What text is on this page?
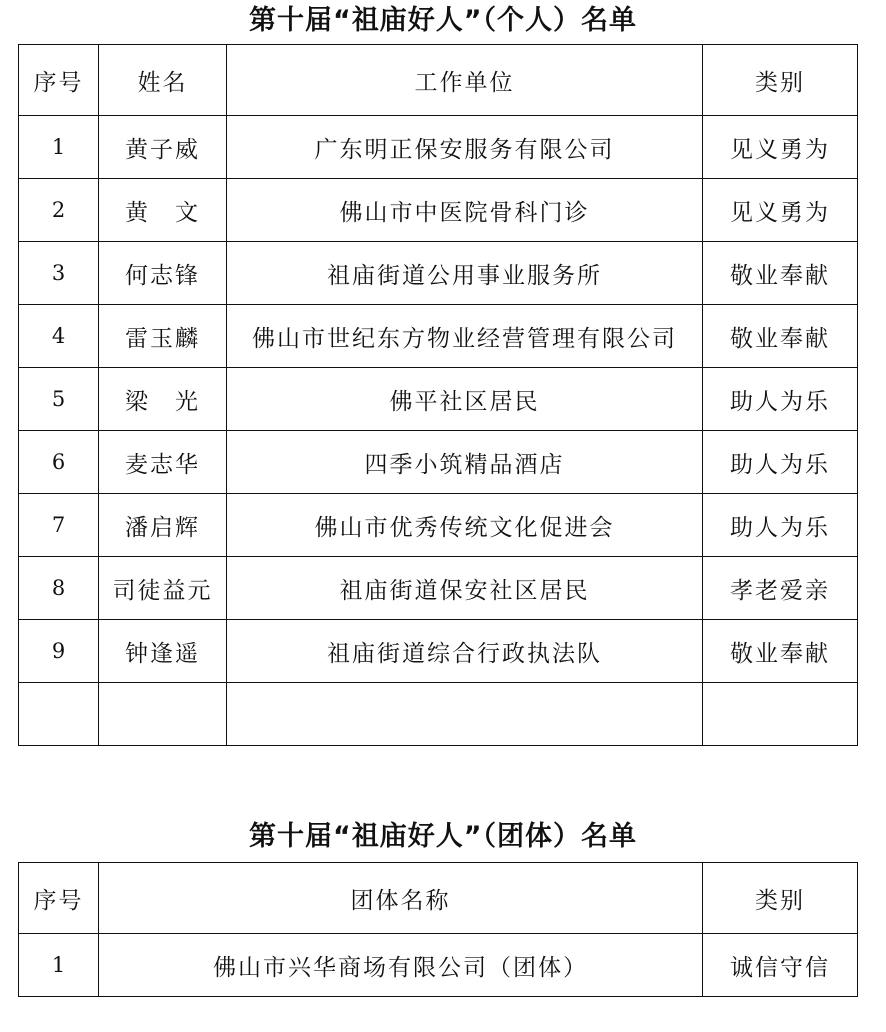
第十届“祖庙好人”（个人）名单
序号	姓名	工作单位	类别
1	黄子威	广东明正保安服务有限公司	见义勇为
2	黄　文	佛山市中医院骨科门诊	见义勇为
3	何志锋	祖庙街道公用事业服务所	敬业奉献
4	雷玉麟	佛山市世纪东方物业经营管理有限公司	敬业奉献
5	梁　光	佛平社区居民	助人为乐
6	麦志华	四季小筑精品酒店	助人为乐
7	潘启辉	佛山市优秀传统文化促进会	助人为乐
8	司徒益元	祖庙街道保安社区居民	孝老爱亲
9	钟逢遥	祖庙街道综合行政执法队	敬业奉献

第十届“祖庙好人”（团体）名单
序号	团体名称	类别
1	佛山市兴华商场有限公司（团体）	诚信守信
